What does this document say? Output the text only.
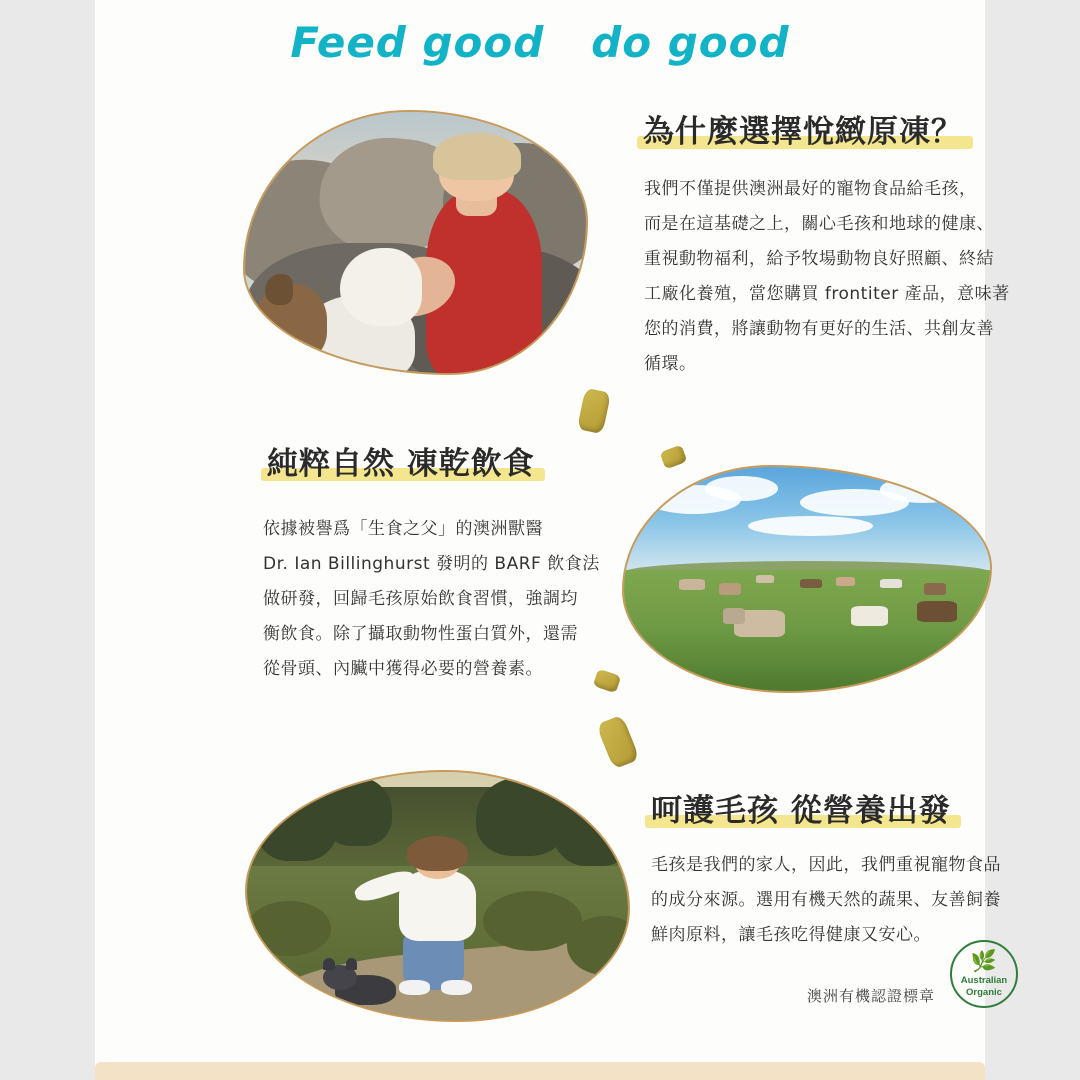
Feed good   do good
為什麼選擇悅緻原凍？

我們不僅提供澳洲最好的寵物食品給毛孩，

而是在這基礎之上，關心毛孩和地球的健康、

重視動物福利，給予牧場動物良好照顧、終結

工廠化養殖，當您購買 frontiter 產品，意味著

您的消費，將讓動物有更好的生活、共創友善

循環。

純粹自然 凍乾飲食

依據被譽爲「生食之父」的澳洲獸醫

Dr. Ian Billinghurst 發明的 BARF 飲食法

做研發，回歸毛孩原始飲食習慣，強調均

衡飲食。除了攝取動物性蛋白質外，還需

從骨頭、內臟中獲得必要的營養素。

呵護毛孩 從營養出發

毛孩是我們的家人，因此，我們重視寵物食品

的成分來源。選用有機天然的蔬果、友善飼養

鮮肉原料，讓毛孩吃得健康又安心。

🌿
Australian
Organic
澳洲有機認證標章
